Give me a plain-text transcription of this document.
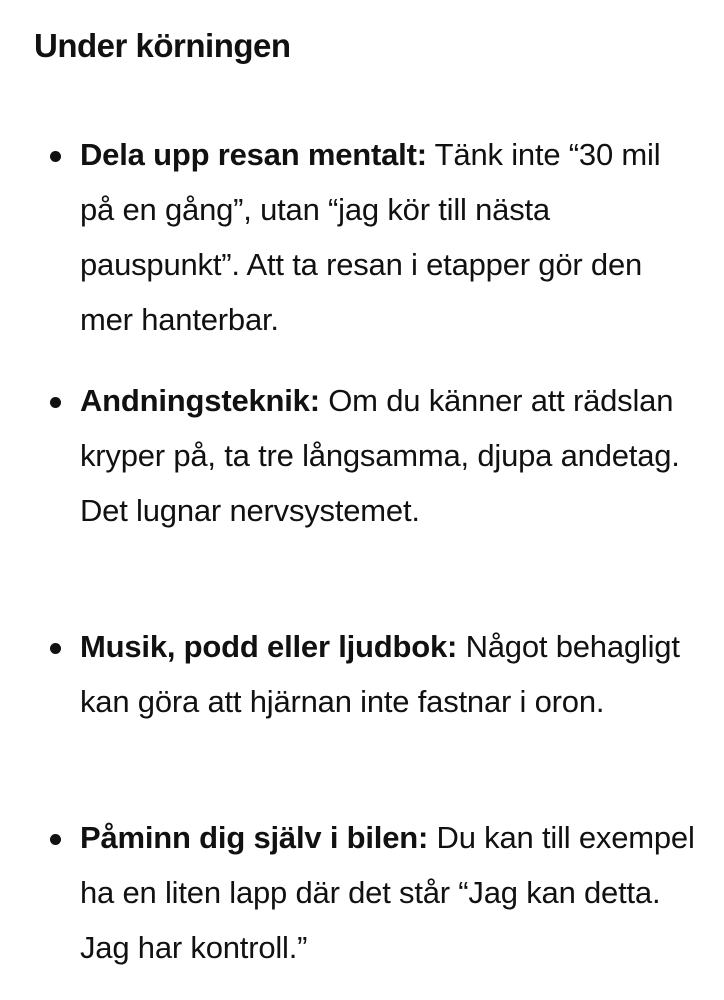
Under körningen
Dela upp resan mentalt: Tänk inte “30 mil på en gång”, utan “jag kör till nästa pauspunkt”. Att ta resan i etapper gör den mer hanterbar.
Andningsteknik: Om du känner att rädslan kryper på, ta tre långsamma, djupa andetag. Det lugnar nervsystemet.
Musik, podd eller ljudbok: Något behagligt kan göra att hjärnan inte fastnar i oron.
Påminn dig själv i bilen: Du kan till exempel ha en liten lapp där det står “Jag kan detta. Jag har kontroll.”
